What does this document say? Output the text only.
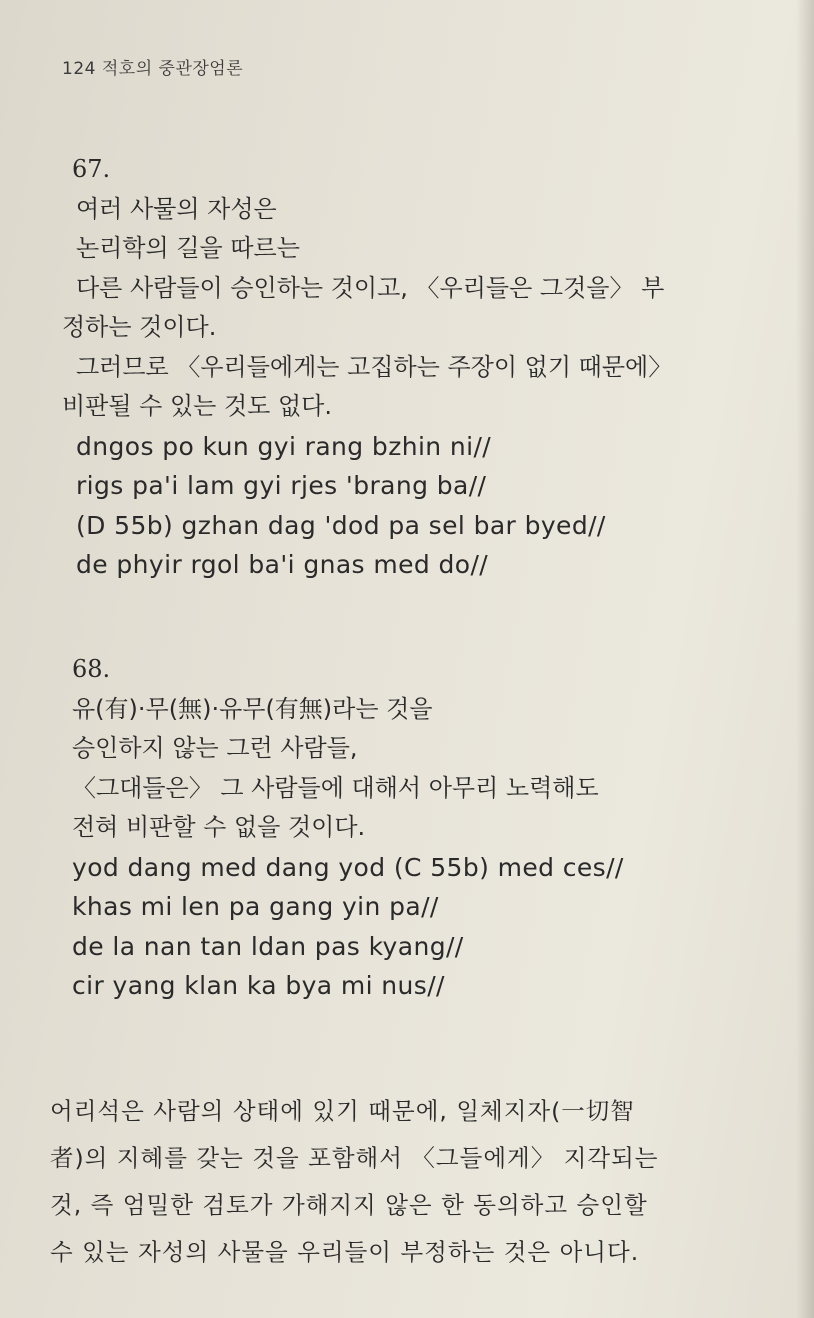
124 적호의 중관장엄론
67.
여러 사물의 자성은
논리학의 길을 따르는
다른 사람들이 승인하는 것이고, 〈우리들은 그것을〉 부
정하는 것이다.
그러므로 〈우리들에게는 고집하는 주장이 없기 때문에〉
비판될 수 있는 것도 없다.
dngos po kun gyi rang bzhin ni//
rigs pa'i lam gyi rjes 'brang ba//
(D 55b) gzhan dag 'dod pa sel bar byed//
de phyir rgol ba'i gnas med do//
68.
유(有)·무(無)·유무(有無)라는 것을
승인하지 않는 그런 사람들,
〈그대들은〉 그 사람들에 대해서 아무리 노력해도
전혀 비판할 수 없을 것이다.
yod dang med dang yod (C 55b) med ces//
khas mi len pa gang yin pa//
de la nan tan ldan pas kyang//
cir yang klan ka bya mi nus//
어리석은 사람의 상태에 있기 때문에, 일체지자(一切智
者)의 지혜를 갖는 것을 포함해서 〈그들에게〉 지각되는
것, 즉 엄밀한 검토가 가해지지 않은 한 동의하고 승인할
수 있는 자성의 사물을 우리들이 부정하는 것은 아니다.
